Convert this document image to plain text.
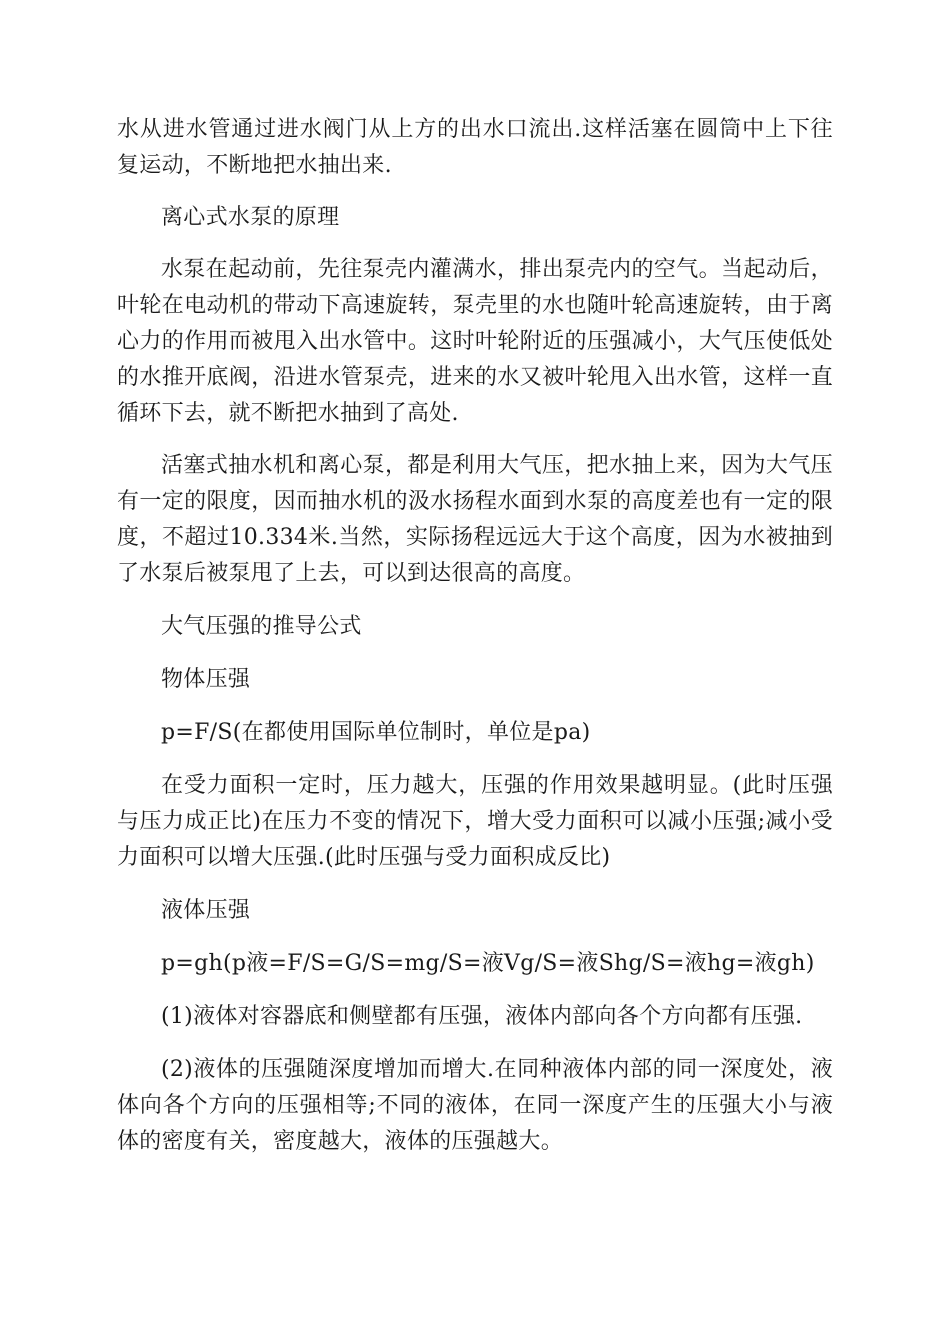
水从进水管通过进水阀门从上方的出水口流出.这样活塞在圆筒中上下往复运动，不断地把水抽出来.

离心式水泵的原理

水泵在起动前，先往泵壳内灌满水，排出泵壳内的空气。当起动后，叶轮在电动机的带动下高速旋转，泵壳里的水也随叶轮高速旋转，由于离心力的作用而被甩入出水管中。这时叶轮附近的压强减小，大气压使低处的水推开底阀，沿进水管泵壳，进来的水又被叶轮甩入出水管，这样一直循环下去，就不断把水抽到了高处.

活塞式抽水机和离心泵，都是利用大气压，把水抽上来，因为大气压有一定的限度，因而抽水机的汲水扬程水面到水泵的高度差也有一定的限度，不超过10.334米.当然，实际扬程远远大于这个高度，因为水被抽到了水泵后被泵甩了上去，可以到达很高的高度。

大气压强的推导公式

物体压强

p=F/S(在都使用国际单位制时，单位是pa)

在受力面积一定时，压力越大，压强的作用效果越明显。(此时压强与压力成正比)在压力不变的情况下，增大受力面积可以减小压强;减小受力面积可以增大压强.(此时压强与受力面积成反比)

液体压强

p=gh(p液=F/S=G/S=mg/S=液Vg/S=液Shg/S=液hg=液gh)

(1)液体对容器底和侧壁都有压强，液体内部向各个方向都有压强.

(2)液体的压强随深度增加而增大.在同种液体内部的同一深度处，液体向各个方向的压强相等;不同的液体，在同一深度产生的压强大小与液体的密度有关，密度越大，液体的压强越大。
